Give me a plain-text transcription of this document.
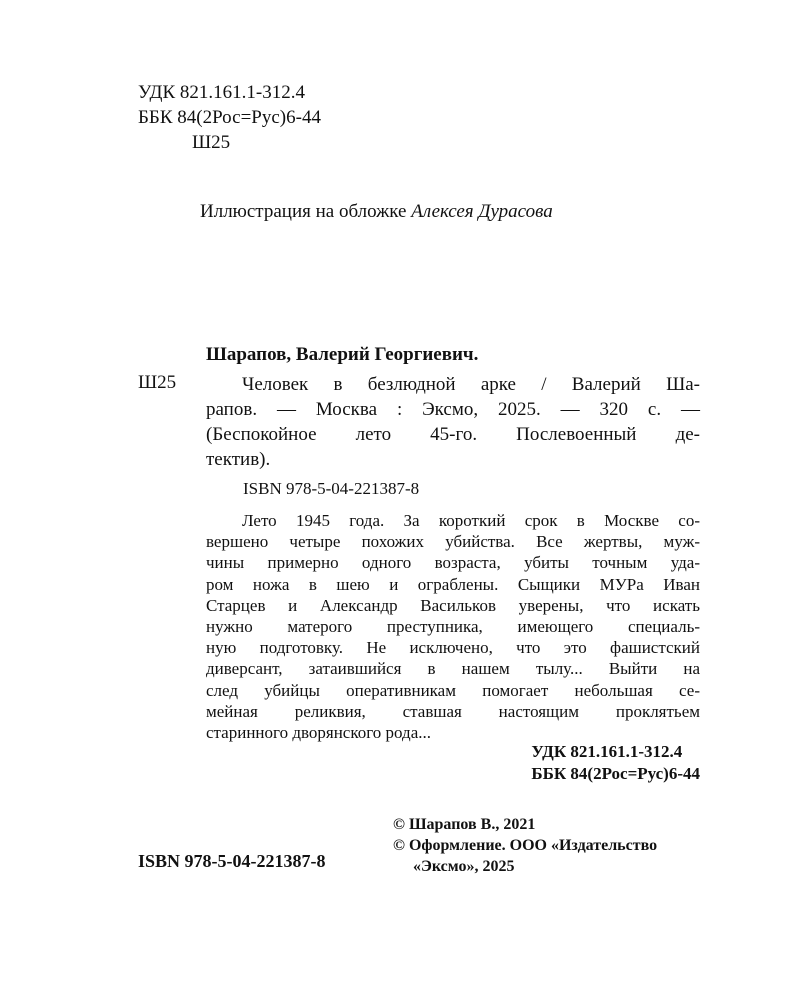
УДК 821.161.1-312.4
ББК 84(2Рос=Рус)6-44
Ш25
Иллюстрация на обложке Алексея Дурасова
Шарапов, Валерий Георгиевич.
Ш25	Человек в безлюдной арке / Валерий Ша-
рапов. — Москва : Эксмо, 2025. — 320 с. —
(Беспокойное лето 45-го. Послевоенный де-
тектив).
ISBN 978-5-04-221387-8
Лето 1945 года. За короткий срок в Москве со-
вершено четыре похожих убийства. Все жертвы, муж-
чины примерно одного возраста, убиты точным уда-
ром ножа в шею и ограблены. Сыщики МУРа Иван
Старцев и Александр Васильков уверены, что искать
нужно матерого преступника, имеющего специаль-
ную подготовку. Не исключено, что это фашистский
диверсант, затаившийся в нашем тылу... Выйти на
след убийцы оперативникам помогает небольшая се-
мейная реликвия, ставшая настоящим проклятьем
старинного дворянского рода...
УДК 821.161.1-312.4
ББК 84(2Рос=Рус)6-44
© Шарапов В., 2021
© Оформление. ООО «Издательство
«Эксмо», 2025
ISBN 978-5-04-221387-8
